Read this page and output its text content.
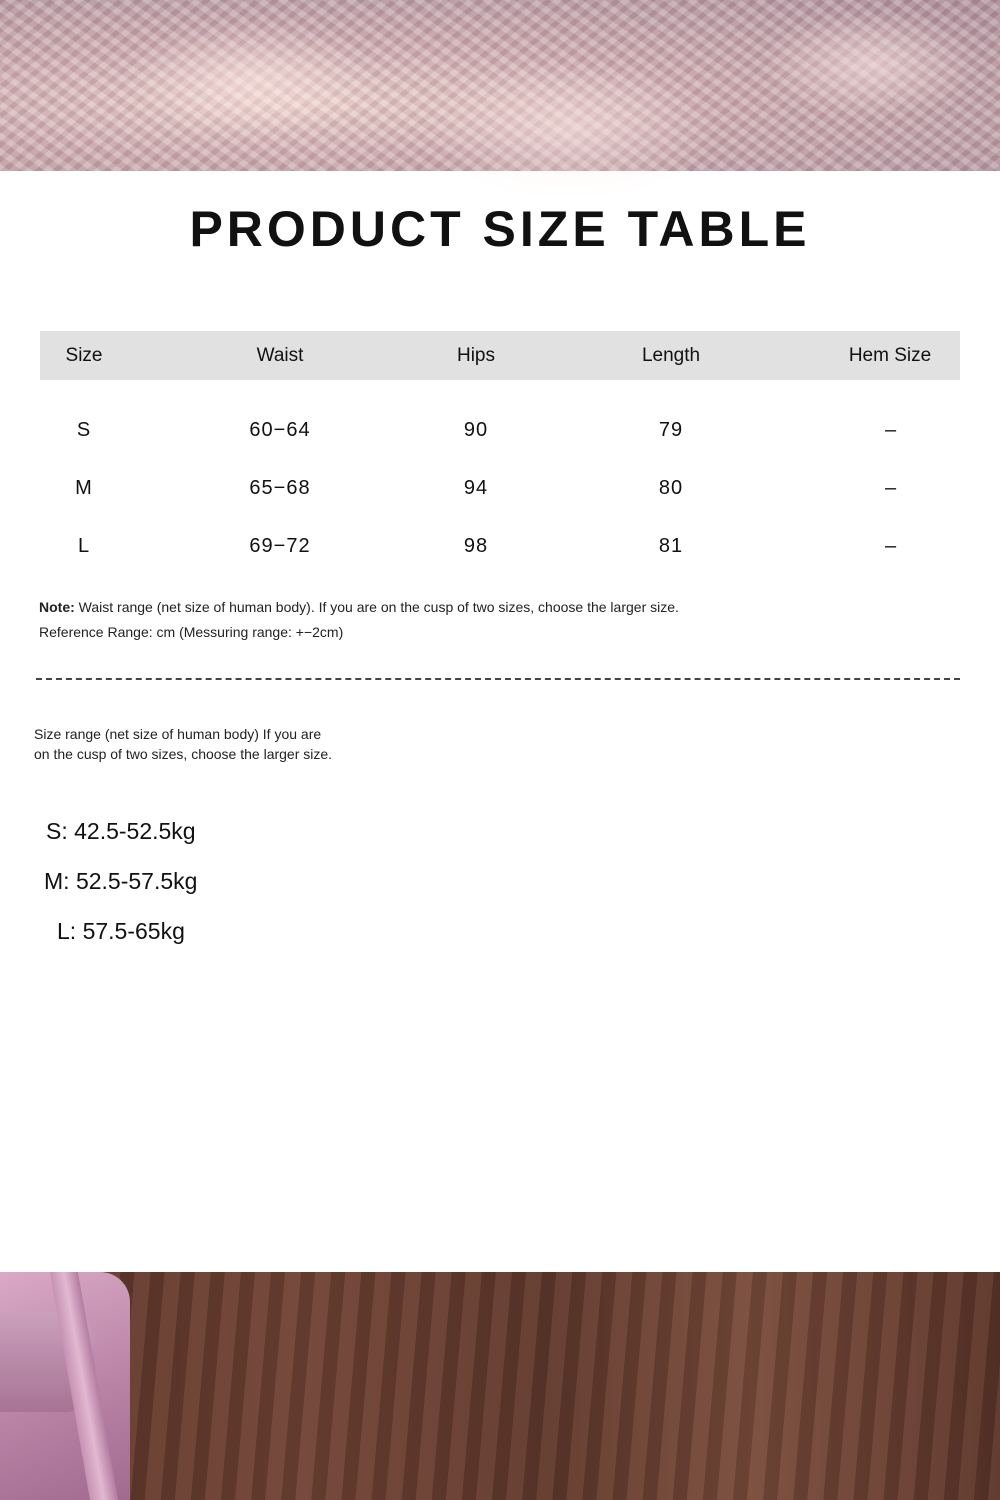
PRODUCT SIZE TABLE
Size	Waist	Hips	Length	Hem Size
S	60−64	90	79	–
M	65−68	94	80	–
L	69−72	98	81	–
Note: Waist range (net size of human body). If you are on the cusp of two sizes, choose the larger size.
Reference Range: cm (Messuring range: +−2cm)
Size range (net size of human body) If you are
on the cusp of two sizes, choose the larger size.
S: 42.5-52.5kg
M: 52.5-57.5kg
L: 57.5-65kg
